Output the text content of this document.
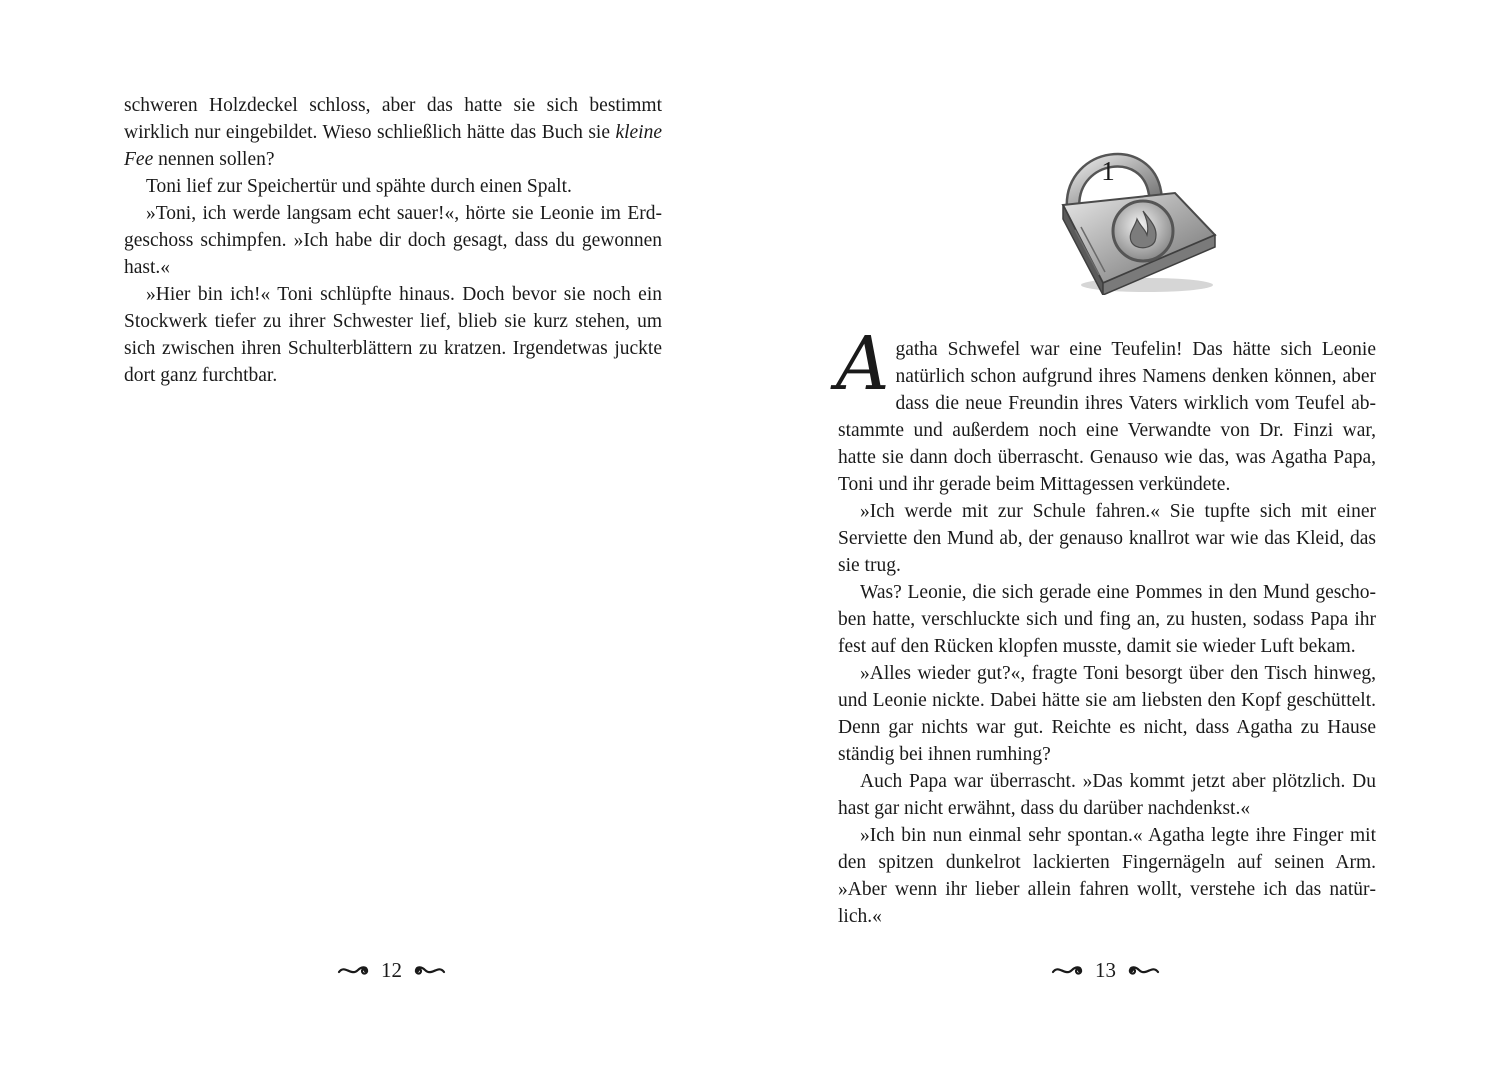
schweren Holzdeckel schloss, aber das hatte sie sich bestimmt wirklich nur eingebildet. Wieso schließlich hätte das Buch sie kleine Fee nennen sollen?

Toni lief zur Speichertür und spähte durch einen Spalt.

»Toni, ich werde langsam echt sauer!«, hörte sie Leonie im Erdgeschoss schimpfen. »Ich habe dir doch gesagt, dass du gewonnen hast.«

»Hier bin ich!« Toni schlüpfte hinaus. Doch bevor sie noch ein Stockwerk tiefer zu ihrer Schwester lief, blieb sie kurz stehen, um sich zwischen ihren Schulterblättern zu kratzen. Irgendetwas juckte dort ganz furchtbar.

12
1

A gatha Schwefel war eine Teufelin! Das hätte sich Leonie
natürlich schon aufgrund ihres Namens denken können, aber dass die neue Freundin ihres Vaters wirklich vom Teufel abstammte und außerdem noch eine Verwandte von Dr. Finzi war, hatte sie dann doch überrascht. Genauso wie das, was Agatha Papa, Toni und ihr gerade beim Mittagessen verkündete.

»Ich werde mit zur Schule fahren.« Sie tupfte sich mit einer Serviette den Mund ab, der genauso knallrot war wie das Kleid, das sie trug.

Was? Leonie, die sich gerade eine Pommes in den Mund geschoben hatte, verschluckte sich und fing an, zu husten, sodass Papa ihr fest auf den Rücken klopfen musste, damit sie wieder Luft bekam.

»Alles wieder gut?«, fragte Toni besorgt über den Tisch hinweg, und Leonie nickte. Dabei hätte sie am liebsten den Kopf geschüttelt. Denn gar nichts war gut. Reichte es nicht, dass Agatha zu Hause ständig bei ihnen rumhing?

Auch Papa war überrascht. »Das kommt jetzt aber plötzlich. Du hast gar nicht erwähnt, dass du darüber nachdenkst.«

»Ich bin nun einmal sehr spontan.« Agatha legte ihre Finger mit den spitzen dunkelrot lackierten Fingernägeln auf seinen Arm. »Aber wenn ihr lieber allein fahren wollt, verstehe ich das natürlich.«

13
